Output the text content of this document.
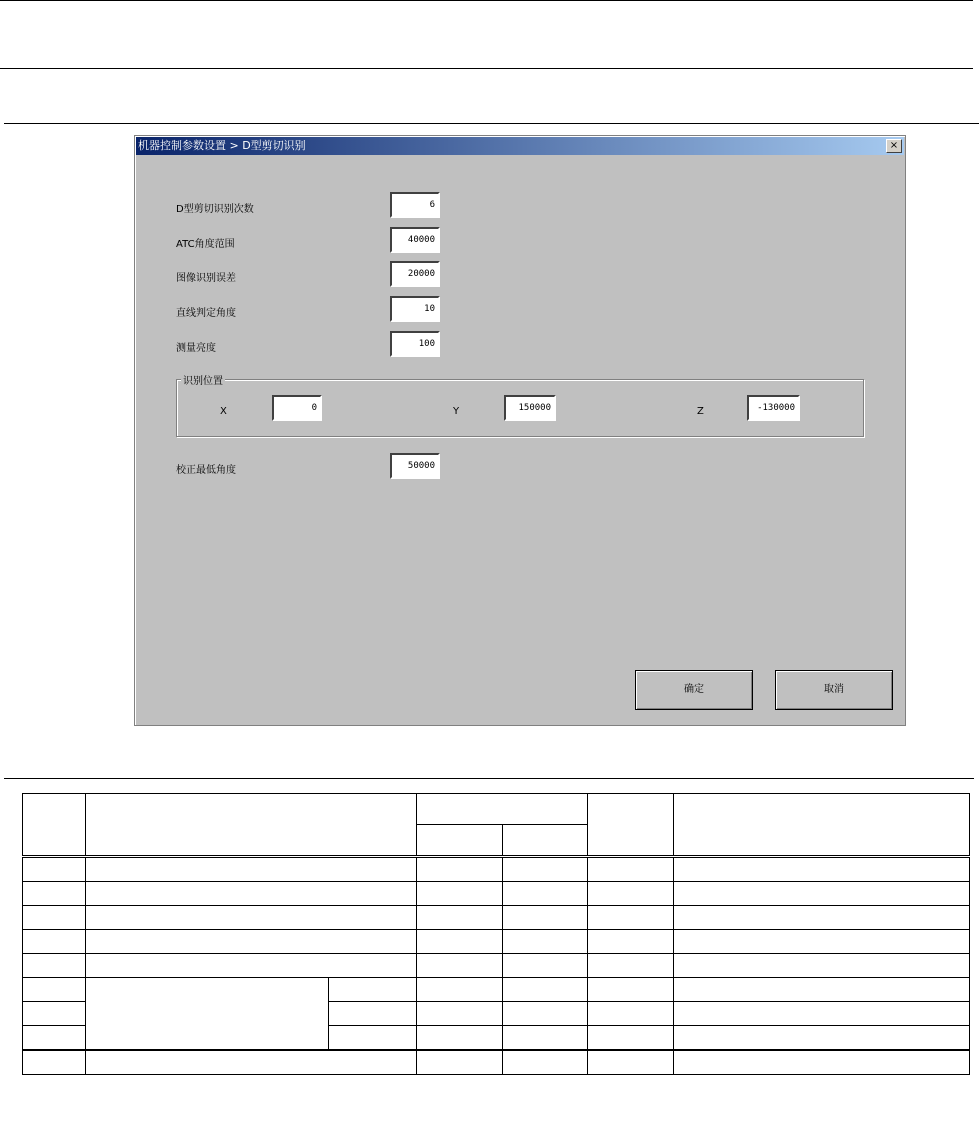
机器控制参数设置 > D型剪切识别	×
D型剪切识别次数	6
ATC角度范围	40000
图像识别误差	20000
直线判定角度	10
测量亮度	100
识别位置
X	0	Y	150000	Z	-130000
校正最低角度	50000
确定	取消
